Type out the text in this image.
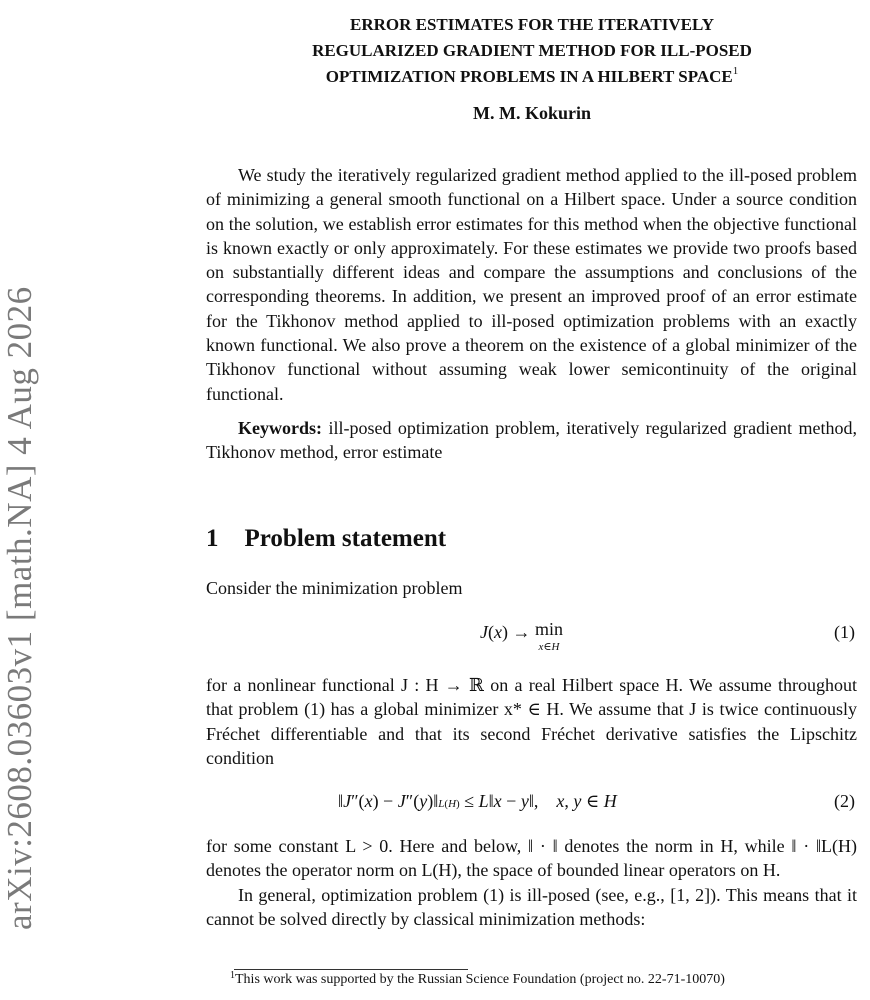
arXiv:2608.03603v1 [math.NA] 4 Aug 2026
ERROR ESTIMATES FOR THE ITERATIVELY
REGULARIZED GRADIENT METHOD FOR ILL-POSED
OPTIMIZATION PROBLEMS IN A HILBERT SPACE$^1$
M. M. Kokurin

We study the iteratively regularized gradient method applied to the ill-posed problem of minimizing a general smooth functional on a Hilbert space. Under a source condition on the solution, we establish error estimates for this method when the objective functional is known exactly or only approximately. For these estimates we provide two proofs based on substantially different ideas and compare the assumptions and conclusions of the corresponding theorems. In addition, we present an improved proof of an error estimate for the Tikhonov method applied to ill-posed optimization problems with an exactly known functional. We also prove a theorem on the existence of a global minimizer of the Tikhonov functional without assuming weak lower semicontinuity of the original functional.

Keywords: ill-posed optimization problem, iteratively regularized gradient method, Tikhonov method, error estimate

1 Problem statement

Consider the minimization problem

J(x) → min
x∈H
(1)

for a nonlinear functional J : H → ℝ on a real Hilbert space H. We assume throughout that problem (1) has a global minimizer x* ∈ H. We assume that J is twice continuously Fréchet differentiable and that its second Fréchet derivative satisfies the Lipschitz condition

‖J″(x) − J″(y)‖L(H) ≤ L‖x − y‖,    x, y ∈ H	(2)

for some constant L > 0. Here and below, ‖ · ‖ denotes the norm in H, while ‖ · ‖L(H) denotes the operator norm on L(H), the space of bounded linear operators on H.

In general, optimization problem (1) is ill-posed (see, e.g., [1, 2]). This means that it cannot be solved directly by classical minimization methods:

$^1$This work was supported by the Russian Science Foundation (project no. 22-71-10070)
